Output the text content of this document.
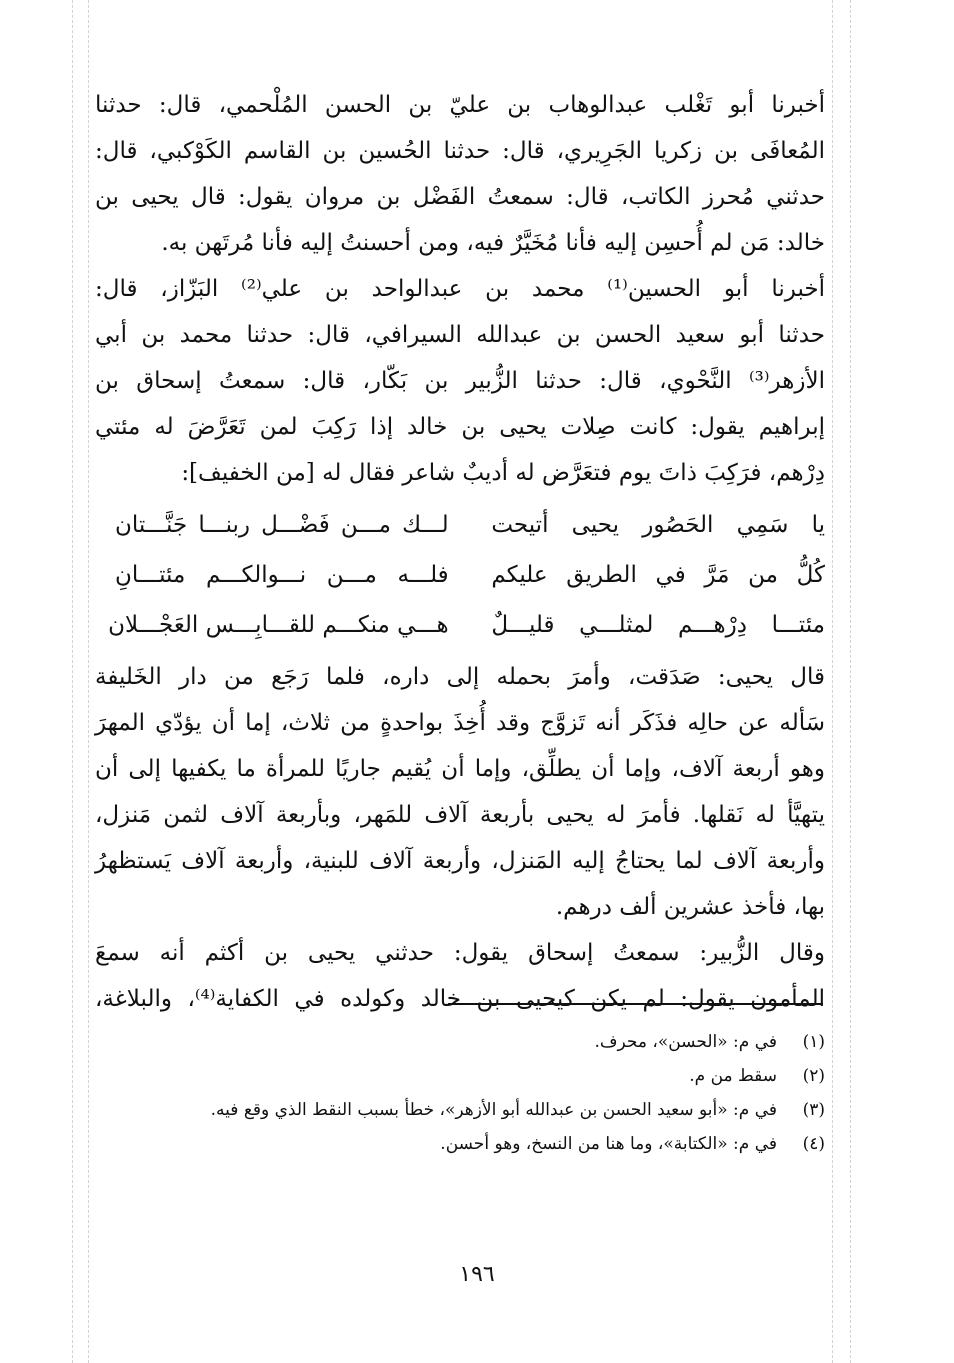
أخبرنا أبو تَغْلب عبدالوهاب بن عليّ بن الحسن المُلْحمي، قال: حدثنا
المُعافَى بن زكريا الجَرِيري، قال: حدثنا الحُسين بن القاسم الكَوْكبي، قال:
حدثني مُحرز الكاتب، قال: سمعتُ الفَضْل بن مروان يقول: قال يحيى بن
خالد: مَن لم أُحسِن إليه فأنا مُخَيَّرٌ فيه، ومن أحسنتُ إليه فأنا مُرتَهن به.

أخبرنا أبو الحسين⁽¹⁾ محمد بن عبدالواحد بن علي⁽²⁾ البَزّاز، قال:
حدثنا أبو سعيد الحسن بن عبدالله السيرافي، قال: حدثنا محمد بن أبي
الأزهر⁽³⁾ النَّحْوي، قال: حدثنا الزُّبير بن بَكّار، قال: سمعتُ إسحاق بن
إبراهيم يقول: كانت صِلات يحيى بن خالد إذا رَكِبَ لمن تَعَرَّضَ له مئتي
دِرْهم، فرَكِبَ ذاتَ يوم فتعَرَّض له أديبٌ شاعر فقال له [من الخفيف]:

يا سَمِي الحَصُور يحيى أتيحت
لـــك مـــن فَضْـــل ربنـــا جَنَّـــتان
كُلُّ من مَرَّ في الطريق عليكم
فلـــه مـــن نـــوالكـــم مئتـــانِ
مئتـــا دِرْهـــم لمثلـــي قليـــلٌ
هـــي منكـــم للقـــابِـــس العَجْـــلان

قال يحيى: صَدَقت، وأمرَ بحمله إلى داره، فلما رَجَع من دار الخَليفة
سَأله عن حالِه فذَكَر أنه تَزوَّج وقد أُخِذَ بواحدةٍ من ثلاث، إما أن يؤدّي المهرَ
وهو أربعة آلاف، وإما أن يطلِّق، وإما أن يُقيم جاريًا للمرأة ما يكفيها إلى أن
يتهيَّأ له نَقلها. فأمرَ له يحيى بأربعة آلاف للمَهر، وبأربعة آلاف لثمن مَنزل،
وأربعة آلاف لما يحتاجُ إليه المَنزل، وأربعة آلاف للبنية، وأربعة آلاف يَستظهرُ
بها، فأخذ عشرين ألف درهم.

وقال الزُّبير: سمعتُ إسحاق يقول: حدثني يحيى بن أكثم أنه سمعَ
المأمون يقول: لم يكن كيحيى بن خالد وكولده في الكفاية⁽⁴⁾، والبلاغة،

(١)
في م: «الحسن»، محرف.
(٢)
سقط من م.
(٣)
في م: «أبو سعيد الحسن بن عبدالله أبو الأزهر»، خطأ بسبب النقط الذي وقع فيه.
(٤)
في م: «الكتابة»، وما هنا من النسخ، وهو أحسن.
١٩٦
